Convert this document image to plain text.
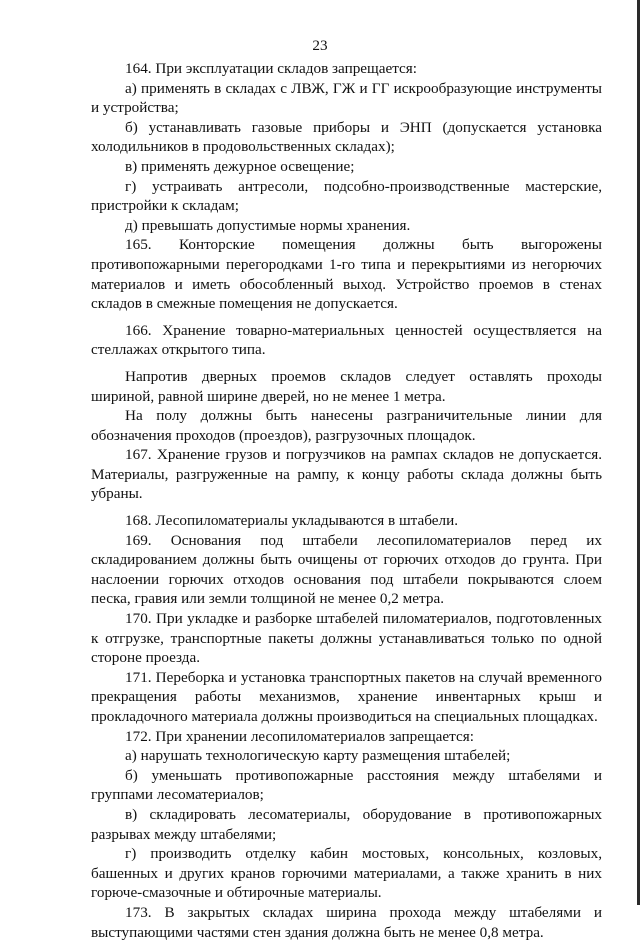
23

164. При эксплуатации складов запрещается:

а) применять в складах с ЛВЖ, ГЖ и ГГ искрообразующие инструменты и устройства;

б) устанавливать газовые приборы и ЭНП (допускается установка холодильников в продовольственных складах);

в) применять дежурное освещение;

г) устраивать антресоли, подсобно-производственные мастерские, пристройки к складам;

д) превышать допустимые нормы хранения.

165. Конторские помещения должны быть выгорожены противопожарными перегородками 1-го типа и перекрытиями из негорючих материалов и иметь обособленный выход. Устройство проемов в стенах складов в смежные помещения не допускается.

166. Хранение товарно-материальных ценностей осуществляется на стеллажах открытого типа.

Напротив дверных проемов складов следует оставлять проходы шириной, равной ширине дверей, но не менее 1 метра.

На полу должны быть нанесены разграничительные линии для обозначения проходов (проездов), разгрузочных площадок.

167. Хранение грузов и погрузчиков на рампах складов не допускается. Материалы, разгруженные на рампу, к концу работы склада должны быть убраны.

168. Лесопиломатериалы укладываются в штабели.

169. Основания под штабели лесопиломатериалов перед их складированием должны быть очищены от горючих отходов до грунта. При наслоении горючих отходов основания под штабели покрываются слоем песка, гравия или земли толщиной не менее 0,2 метра.

170. При укладке и разборке штабелей пиломатериалов, подготовленных к отгрузке, транспортные пакеты должны устанавливаться только по одной стороне проезда.

171. Переборка и установка транспортных пакетов на случай временного прекращения работы механизмов, хранение инвентарных крыш и прокладочного материала должны производиться на специальных площадках.

172. При хранении лесопиломатериалов запрещается:

а) нарушать технологическую карту размещения штабелей;

б) уменьшать противопожарные расстояния между штабелями и группами лесоматериалов;

в) складировать лесоматериалы, оборудование в противопожарных разрывах между штабелями;

г) производить отделку кабин мостовых, консольных, козловых, башенных и других кранов горючими материалами, а также хранить в них горюче-смазочные и обтирочные материалы.

173. В закрытых складах ширина прохода между штабелями и выступающими частями стен здания должна быть не менее 0,8 метра.
